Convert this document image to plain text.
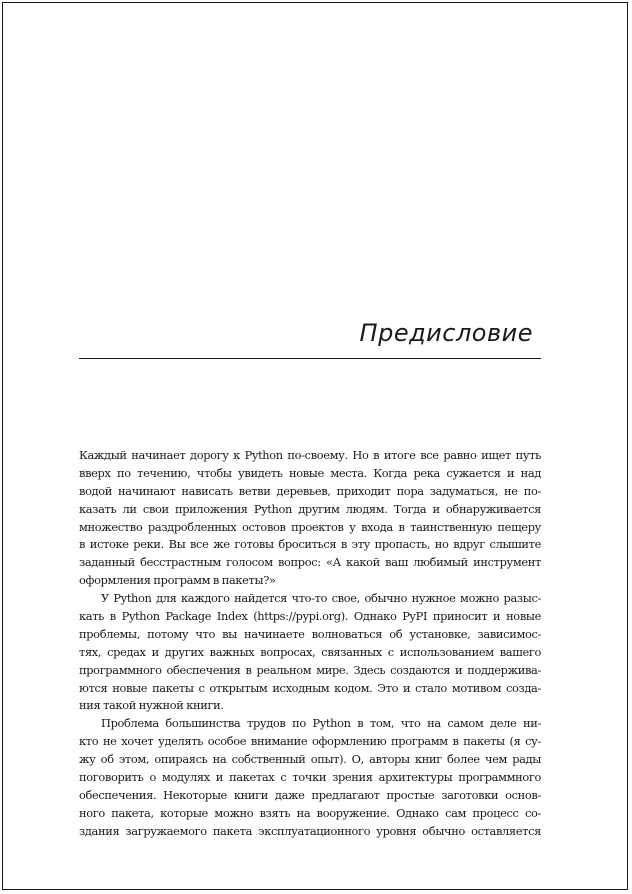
Предисловие
Каждый начинает дорогу к Python по-своему. Но в итоге все равно ищет путь
вверх по течению, чтобы увидеть новые места. Когда река сужается и над
водой начинают нависать ветви деревьев, приходит пора задуматься, не по-
казать ли свои приложения Python другим людям. Тогда и обнаруживается
множество раздробленных остовов проектов у входа в таинственную пещеру
в истоке реки. Вы все же готовы броситься в эту пропасть, но вдруг слышите
заданный бесстрастным голосом вопрос: «А какой ваш любимый инструмент
оформления программ в пакеты?»
У Python для каждого найдется что-то свое, обычно нужное можно разыс-
кать в Python Package Index (https://pypi.org). Однако PyPI приносит и новые
проблемы, потому что вы начинаете волноваться об установке, зависимос-
тях, средах и других важных вопросах, связанных с использованием вашего
программного обеспечения в реальном мире. Здесь создаются и поддержива-
ются новые пакеты с открытым исходным кодом. Это и стало мотивом созда-
ния такой нужной книги.
Проблема большинства трудов по Python в том, что на самом деле ни-
кто не хочет уделять особое внимание оформлению программ в пакеты (я су-
жу об этом, опираясь на собственный опыт). О, авторы книг более чем рады
поговорить о модулях и пакетах с точки зрения архитектуры программного
обеспечения. Некоторые книги даже предлагают простые заготовки основ-
ного пакета, которые можно взять на вооружение. Однако сам процесс со-
здания загружаемого пакета эксплуатационного уровня обычно оставляется
